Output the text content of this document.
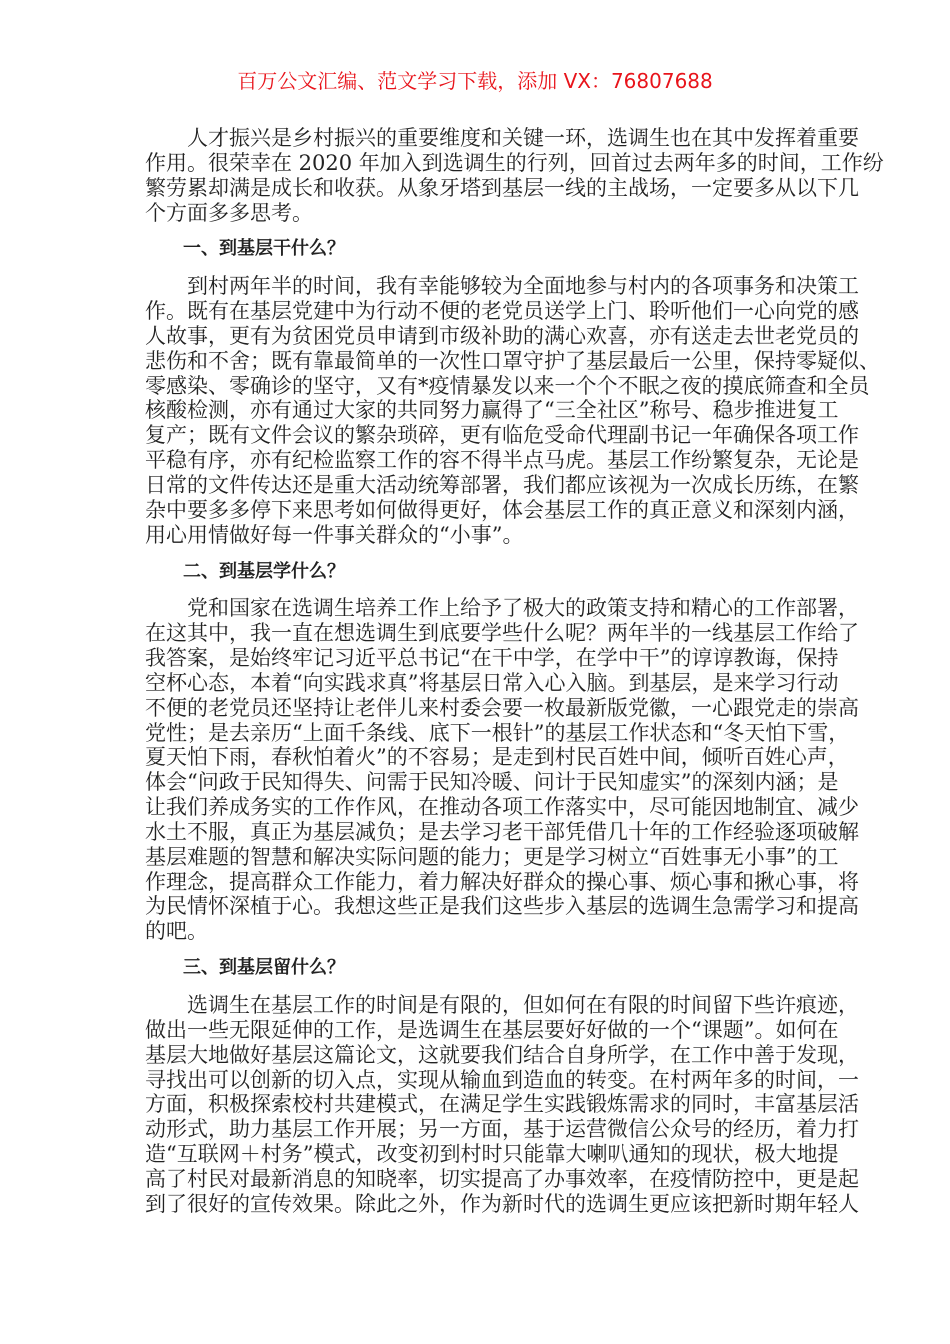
百万公文汇编、范文学习下载，添加 VX：76807688
人才振兴是乡村振兴的重要维度和关键一环，选调生也在其中发挥着重要
作用。很荣幸在 2020 年加入到选调生的行列，回首过去两年多的时间，工作纷
繁劳累却满是成长和收获。从象牙塔到基层一线的主战场，一定要多从以下几
个方面多多思考。
一、到基层干什么？
到村两年半的时间，我有幸能够较为全面地参与村内的各项事务和决策工
作。既有在基层党建中为行动不便的老党员送学上门、聆听他们一心向党的感
人故事，更有为贫困党员申请到市级补助的满心欢喜，亦有送走去世老党员的
悲伤和不舍；既有靠最简单的一次性口罩守护了基层最后一公里，保持零疑似、
零感染、零确诊的坚守，又有*疫情暴发以来一个个不眠之夜的摸底筛查和全员
核酸检测，亦有通过大家的共同努力赢得了“三全社区”称号、稳步推进复工
复产；既有文件会议的繁杂琐碎，更有临危受命代理副书记一年确保各项工作
平稳有序，亦有纪检监察工作的容不得半点马虎。基层工作纷繁复杂，无论是
日常的文件传达还是重大活动统筹部署，我们都应该视为一次成长历练，在繁
杂中要多多停下来思考如何做得更好，体会基层工作的真正意义和深刻内涵，
用心用情做好每一件事关群众的“小事”。
二、到基层学什么？
党和国家在选调生培养工作上给予了极大的政策支持和精心的工作部署，
在这其中，我一直在想选调生到底要学些什么呢？两年半的一线基层工作给了
我答案，是始终牢记习近平总书记“在干中学，在学中干”的谆谆教诲，保持
空杯心态，本着“向实践求真”将基层日常入心入脑。到基层，是来学习行动
不便的老党员还坚持让老伴儿来村委会要一枚最新版党徽，一心跟党走的崇高
党性；是去亲历“上面千条线、底下一根针”的基层工作状态和“冬天怕下雪，
夏天怕下雨，春秋怕着火”的不容易；是走到村民百姓中间，倾听百姓心声，
体会“问政于民知得失、问需于民知冷暖、问计于民知虚实”的深刻内涵；是
让我们养成务实的工作作风，在推动各项工作落实中，尽可能因地制宜、减少
水土不服，真正为基层减负；是去学习老干部凭借几十年的工作经验逐项破解
基层难题的智慧和解决实际问题的能力；更是学习树立“百姓事无小事”的工
作理念，提高群众工作能力，着力解决好群众的操心事、烦心事和揪心事，将
为民情怀深植于心。我想这些正是我们这些步入基层的选调生急需学习和提高
的吧。
三、到基层留什么？
选调生在基层工作的时间是有限的，但如何在有限的时间留下些许痕迹，
做出一些无限延伸的工作，是选调生在基层要好好做的一个“课题”。如何在
基层大地做好基层这篇论文，这就要我们结合自身所学，在工作中善于发现，
寻找出可以创新的切入点，实现从输血到造血的转变。在村两年多的时间，一
方面，积极探索校村共建模式，在满足学生实践锻炼需求的同时，丰富基层活
动形式，助力基层工作开展；另一方面，基于运营微信公众号的经历，着力打
造“互联网＋村务”模式，改变初到村时只能靠大喇叭通知的现状，极大地提
高了村民对最新消息的知晓率，切实提高了办事效率，在疫情防控中，更是起
到了很好的宣传效果。除此之外，作为新时代的选调生更应该把新时期年轻人
